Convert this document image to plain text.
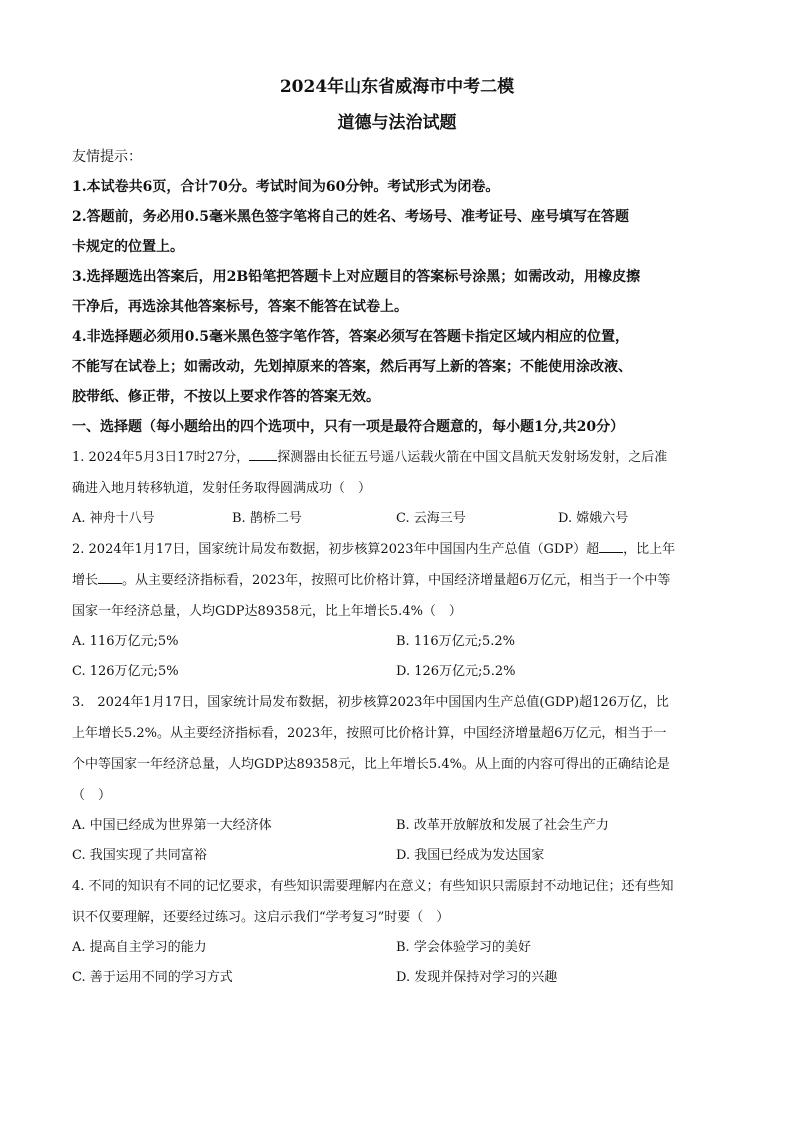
2024年山东省威海市中考二模
道德与法治试题

友情提示：

1.本试卷共6页，合计70分。考试时间为60分钟。考试形式为闭卷。

2.答题前，务必用0.5毫米黑色签字笔将自己的姓名、考场号、准考证号、座号填写在答题

卡规定的位置上。

3.选择题选出答案后，用2B铅笔把答题卡上对应题目的答案标号涂黑；如需改动，用橡皮擦

干净后，再选涂其他答案标号，答案不能答在试卷上。

4.非选择题必须用0.5毫米黑色签字笔作答，答案必须写在答题卡指定区域内相应的位置，

不能写在试卷上；如需改动，先划掉原来的答案，然后再写上新的答案；不能使用涂改液、

胶带纸、修正带，不按以上要求作答的答案无效。

一、选择题（每小题给出的四个选项中，只有一项是最符合题意的，每小题1分,共20分）

1. 2024年5月3日17时27分， 探测器由长征五号遥八运载火箭在中国文昌航天发射场发射，之后准

确进入地月转移轨道，发射任务取得圆满成功（　）

A. 神舟十八号	B. 鹊桥二号	C. 云海三号	D. 嫦娥六号

2. 2024年1月17日，国家统计局发布数据，初步核算2023年中国国内生产总值（GDP）超 ，比上年

增长 。从主要经济指标看，2023年，按照可比价格计算，中国经济增量超6万亿元，相当于一个中等

国家一年经济总量，人均GDP达89358元，比上年增长5.4%（　）

A. 116万亿元;5%	B. 116万亿元;5.2%
C. 126万亿元;5%	D. 126万亿元;5.2%

3.　2024年1月17日，国家统计局发布数据，初步核算2023年中国国内生产总值(GDP)超126万亿，比

上年增长5.2%。从主要经济指标看，2023年，按照可比价格计算，中国经济增量超6万亿元，相当于一

个中等国家一年经济总量，人均GDP达89358元，比上年增长5.4%。从上面的内容可得出的正确结论是

（　）

A. 中国已经成为世界第一大经济体	B. 改革开放解放和发展了社会生产力
C. 我国实现了共同富裕	D. 我国已经成为发达国家

4. 不同的知识有不同的记忆要求，有些知识需要理解内在意义；有些知识只需原封不动地记住；还有些知

识不仅要理解，还要经过练习。这启示我们“学考复习”时要（　）

A. 提高自主学习的能力	B. 学会体验学习的美好
C. 善于运用不同的学习方式	D. 发现并保持对学习的兴趣
